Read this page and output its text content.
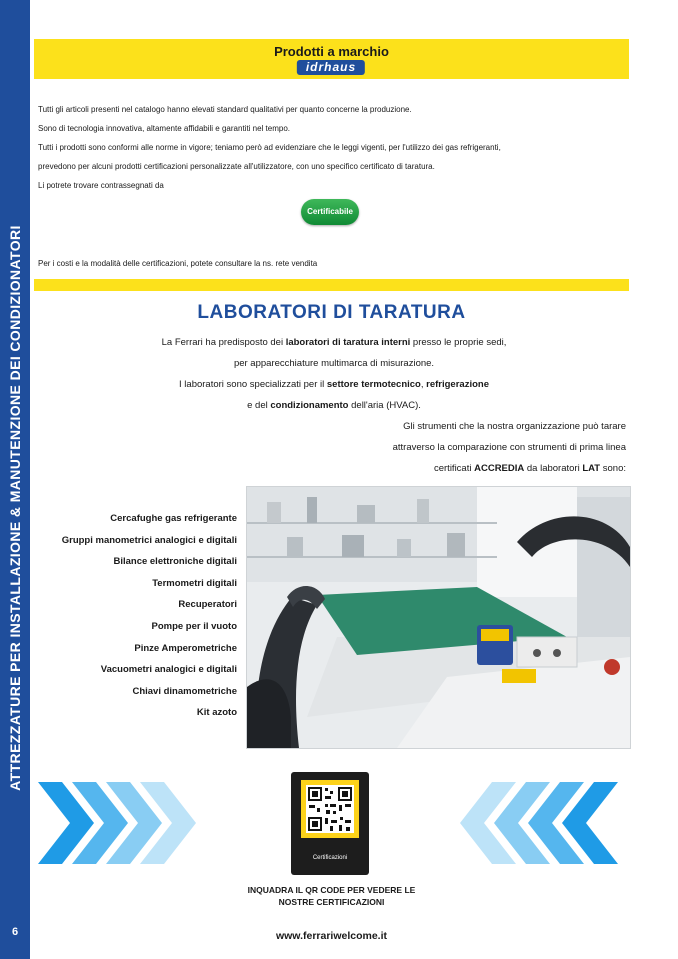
ATTREZZATURE PER INSTALLAZIONE & MANUTENZIONE DEI CONDIZIONATORI
6
Prodotti a marchio
idrhaus

Tutti gli articoli presenti nel catalogo hanno elevati standard qualitativi per quanto concerne la produzione.

Sono di tecnologia innovativa, altamente affidabili e garantiti nel tempo.

Tutti i prodotti sono conformi alle norme in vigore; teniamo però ad evidenziare che le leggi vigenti, per l'utilizzo dei gas refrigeranti,

prevedono per alcuni prodotti certificazioni personalizzate all'utilizzatore, con uno specifico certificato di taratura.

Li potrete trovare contrassegnati da

Certificabile

Per i costi e la modalità delle certificazioni, potete consultare la ns. rete vendita

LABORATORI DI TARATURA

La Ferrari ha predisposto dei laboratori di taratura interni presso le proprie sedi,

per apparecchiature multimarca di misurazione.

I laboratori sono specializzati per il settore termotecnico, refrigerazione

e del condizionamento dell'aria (HVAC).

Gli strumenti che la nostra organizzazione può tarare

attraverso la comparazione con strumenti di prima linea

certificati ACCREDIA da laboratori LAT sono:

Cercafughe gas refrigerante
Gruppi manometrici analogici e digitali
Bilance elettroniche digitali
Termometri digitali
Recuperatori
Pompe per il vuoto
Pinze Amperometriche
Vacuometri analogici e digitali
Chiavi dinamometriche
Kit azoto
Certificazioni

INQUADRA IL QR CODE PER VEDERE LE
NOSTRE CERTIFICAZIONI

www.ferrariwelcome.it
